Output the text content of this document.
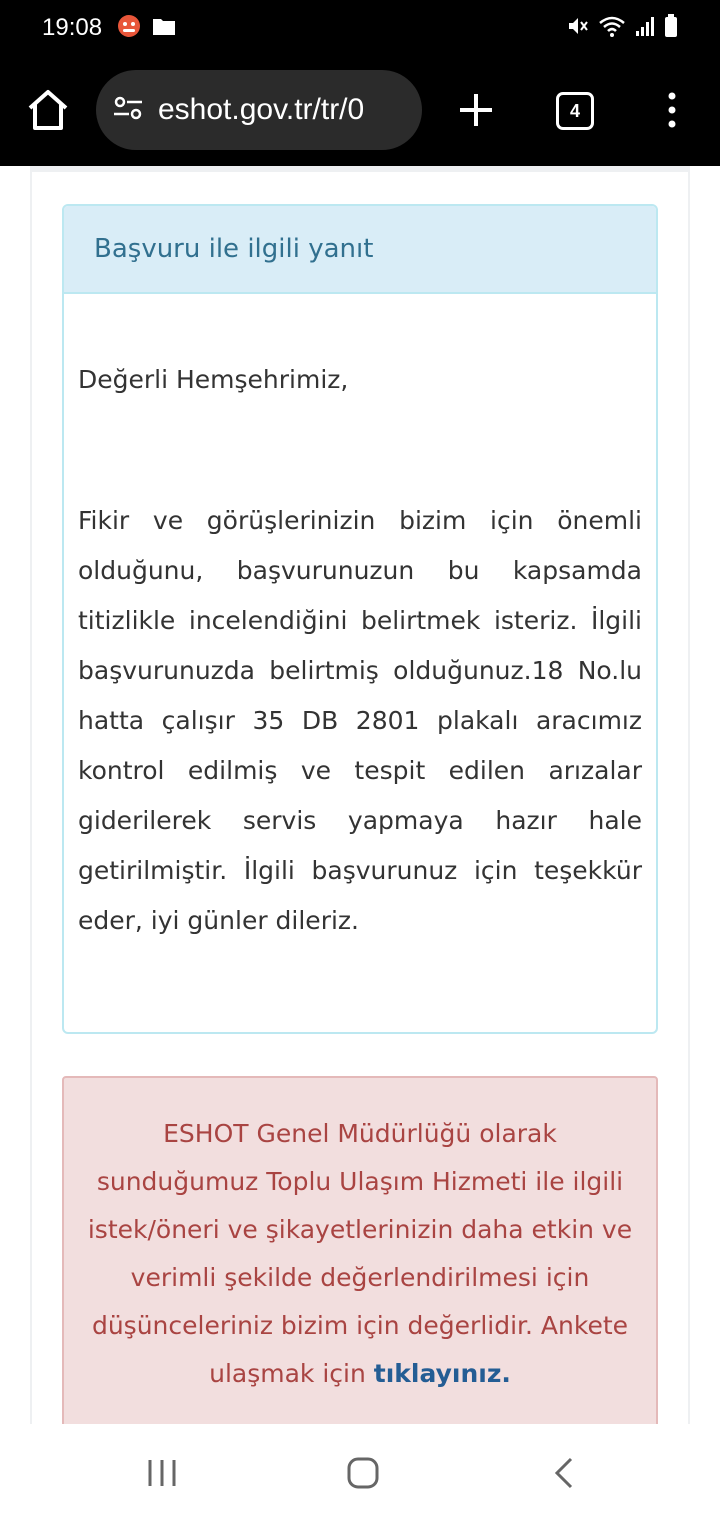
19:08
eshot.gov.tr/tr/0	4
Başvuru ile ilgili yanıt

Değerli Hemşehrimiz,

Fikir ve görüşlerinizin bizim için önemli olduğunu, başvurunuzun bu kapsamda titizlikle incelendiğini belirtmek isteriz. İlgili başvurunuzda belirtmiş olduğunuz.18 No.lu hatta çalışır 35 DB 2801 plakalı aracımız kontrol edilmiş ve tespit edilen arızalar giderilerek servis yapmaya hazır hale getirilmiştir. İlgili başvurunuz için teşekkür eder, iyi günler dileriz.

ESHOT Genel Müdürlüğü olarak sunduğumuz Toplu Ulaşım Hizmeti ile ilgili istek/öneri ve şikayetlerinizin daha etkin ve verimli şekilde değerlendirilmesi için düşünceleriniz bizim için değerlidir. Ankete ulaşmak için tıklayınız.
